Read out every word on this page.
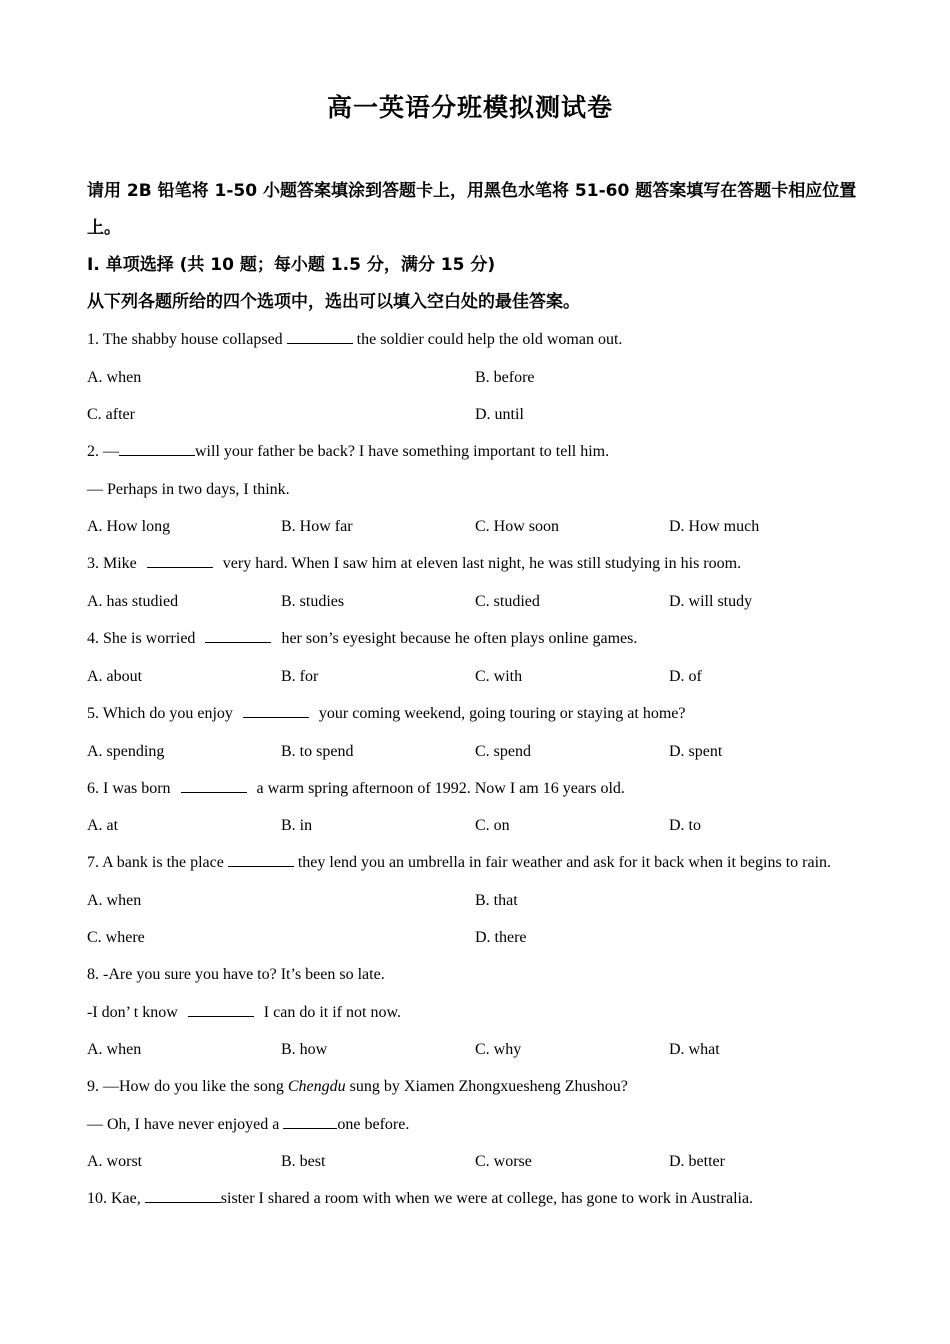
高一英语分班模拟测试卷
请用 2B 铅笔将 1-50 小题答案填涂到答题卡上，用黑色水笔将 51-60 题答案填写在答题卡相应位置上。
I. 单项选择 (共 10 题；每小题 1.5 分，满分 15 分)
从下列各题所给的四个选项中，选出可以填入空白处的最佳答案。
1. The shabby house collapsed	the soldier could help the old woman out.
A. when	B. before
C. after	D. until
2. —	will your father be back? I have something important to tell him.
— Perhaps in two days, I think.
A. How long	B. How far	C. How soon	D. How much
3. Mike	very hard. When I saw him at eleven last night, he was still studying in his room.
A. has studied	B. studies	C. studied	D. will study
4. She is worried	her son’s eyesight because he often plays online games.
A. about	B. for	C. with	D. of
5. Which do you enjoy	your coming weekend, going touring or staying at home?
A. spending	B. to spend	C. spend	D. spent
6. I was born	a warm spring afternoon of 1992. Now I am 16 years old.
A. at	B. in	C. on	D. to
7. A bank is the place	they lend you an umbrella in fair weather and ask for it back when it begins to rain.
A. when	B. that
C. where	D. there
8. -Are you sure you have to? It’s been so late.
-I don’ t know	I can do it if not now.
A. when	B. how	C. why	D. what
9. —How do you like the song Chengdu sung by Xiamen Zhongxuesheng Zhushou?
— Oh, I have never enjoyed a	one before.
A. worst	B. best	C. worse	D. better
10. Kae,	sister I shared a room with when we were at college, has gone to work in Australia.
